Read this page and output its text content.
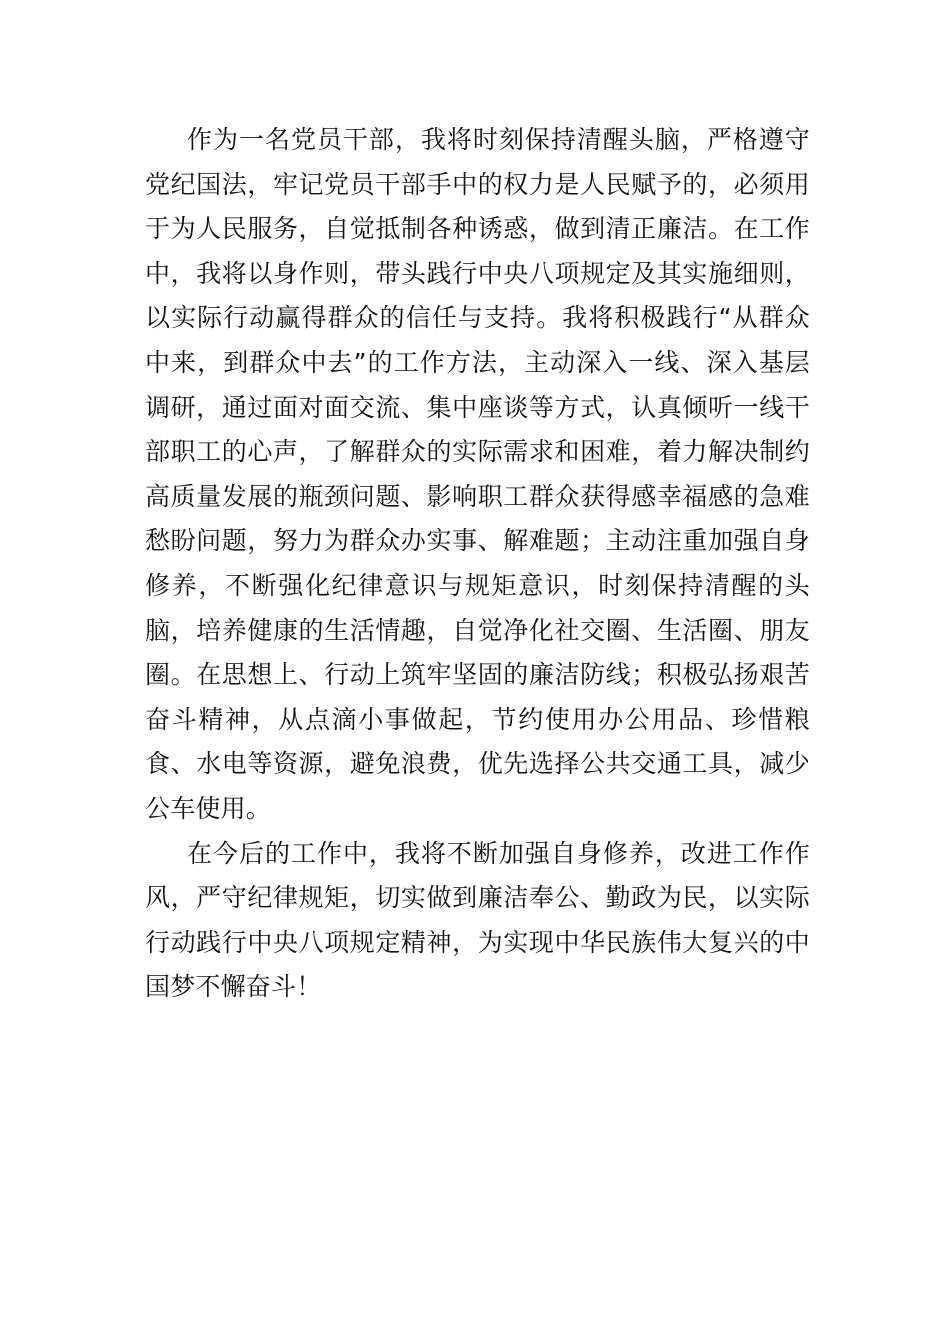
作为一名党员干部，我将时刻保持清醒头脑，严格遵守党纪国法，牢记党员干部手中的权力是人民赋予的，必须用于为人民服务，自觉抵制各种诱惑，做到清正廉洁。在工作中，我将以身作则，带头践行中央八项规定及其实施细则，以实际行动赢得群众的信任与支持。我将积极践行“从群众中来，到群众中去”的工作方法，主动深入一线、深入基层调研，通过面对面交流、集中座谈等方式，认真倾听一线干部职工的心声，了解群众的实际需求和困难，着力解决制约高质量发展的瓶颈问题、影响职工群众获得感幸福感的急难愁盼问题，努力为群众办实事、解难题；主动注重加强自身修养，不断强化纪律意识与规矩意识，时刻保持清醒的头脑，培养健康的生活情趣，自觉净化社交圈、生活圈、朋友圈。在思想上、行动上筑牢坚固的廉洁防线；积极弘扬艰苦奋斗精神，从点滴小事做起，节约使用办公用品、珍惜粮食、水电等资源，避免浪费，优先选择公共交通工具，减少公车使用。

在今后的工作中，我将不断加强自身修养，改进工作作风，严守纪律规矩，切实做到廉洁奉公、勤政为民，以实际行动践行中央八项规定精神，为实现中华民族伟大复兴的中国梦不懈奋斗！
